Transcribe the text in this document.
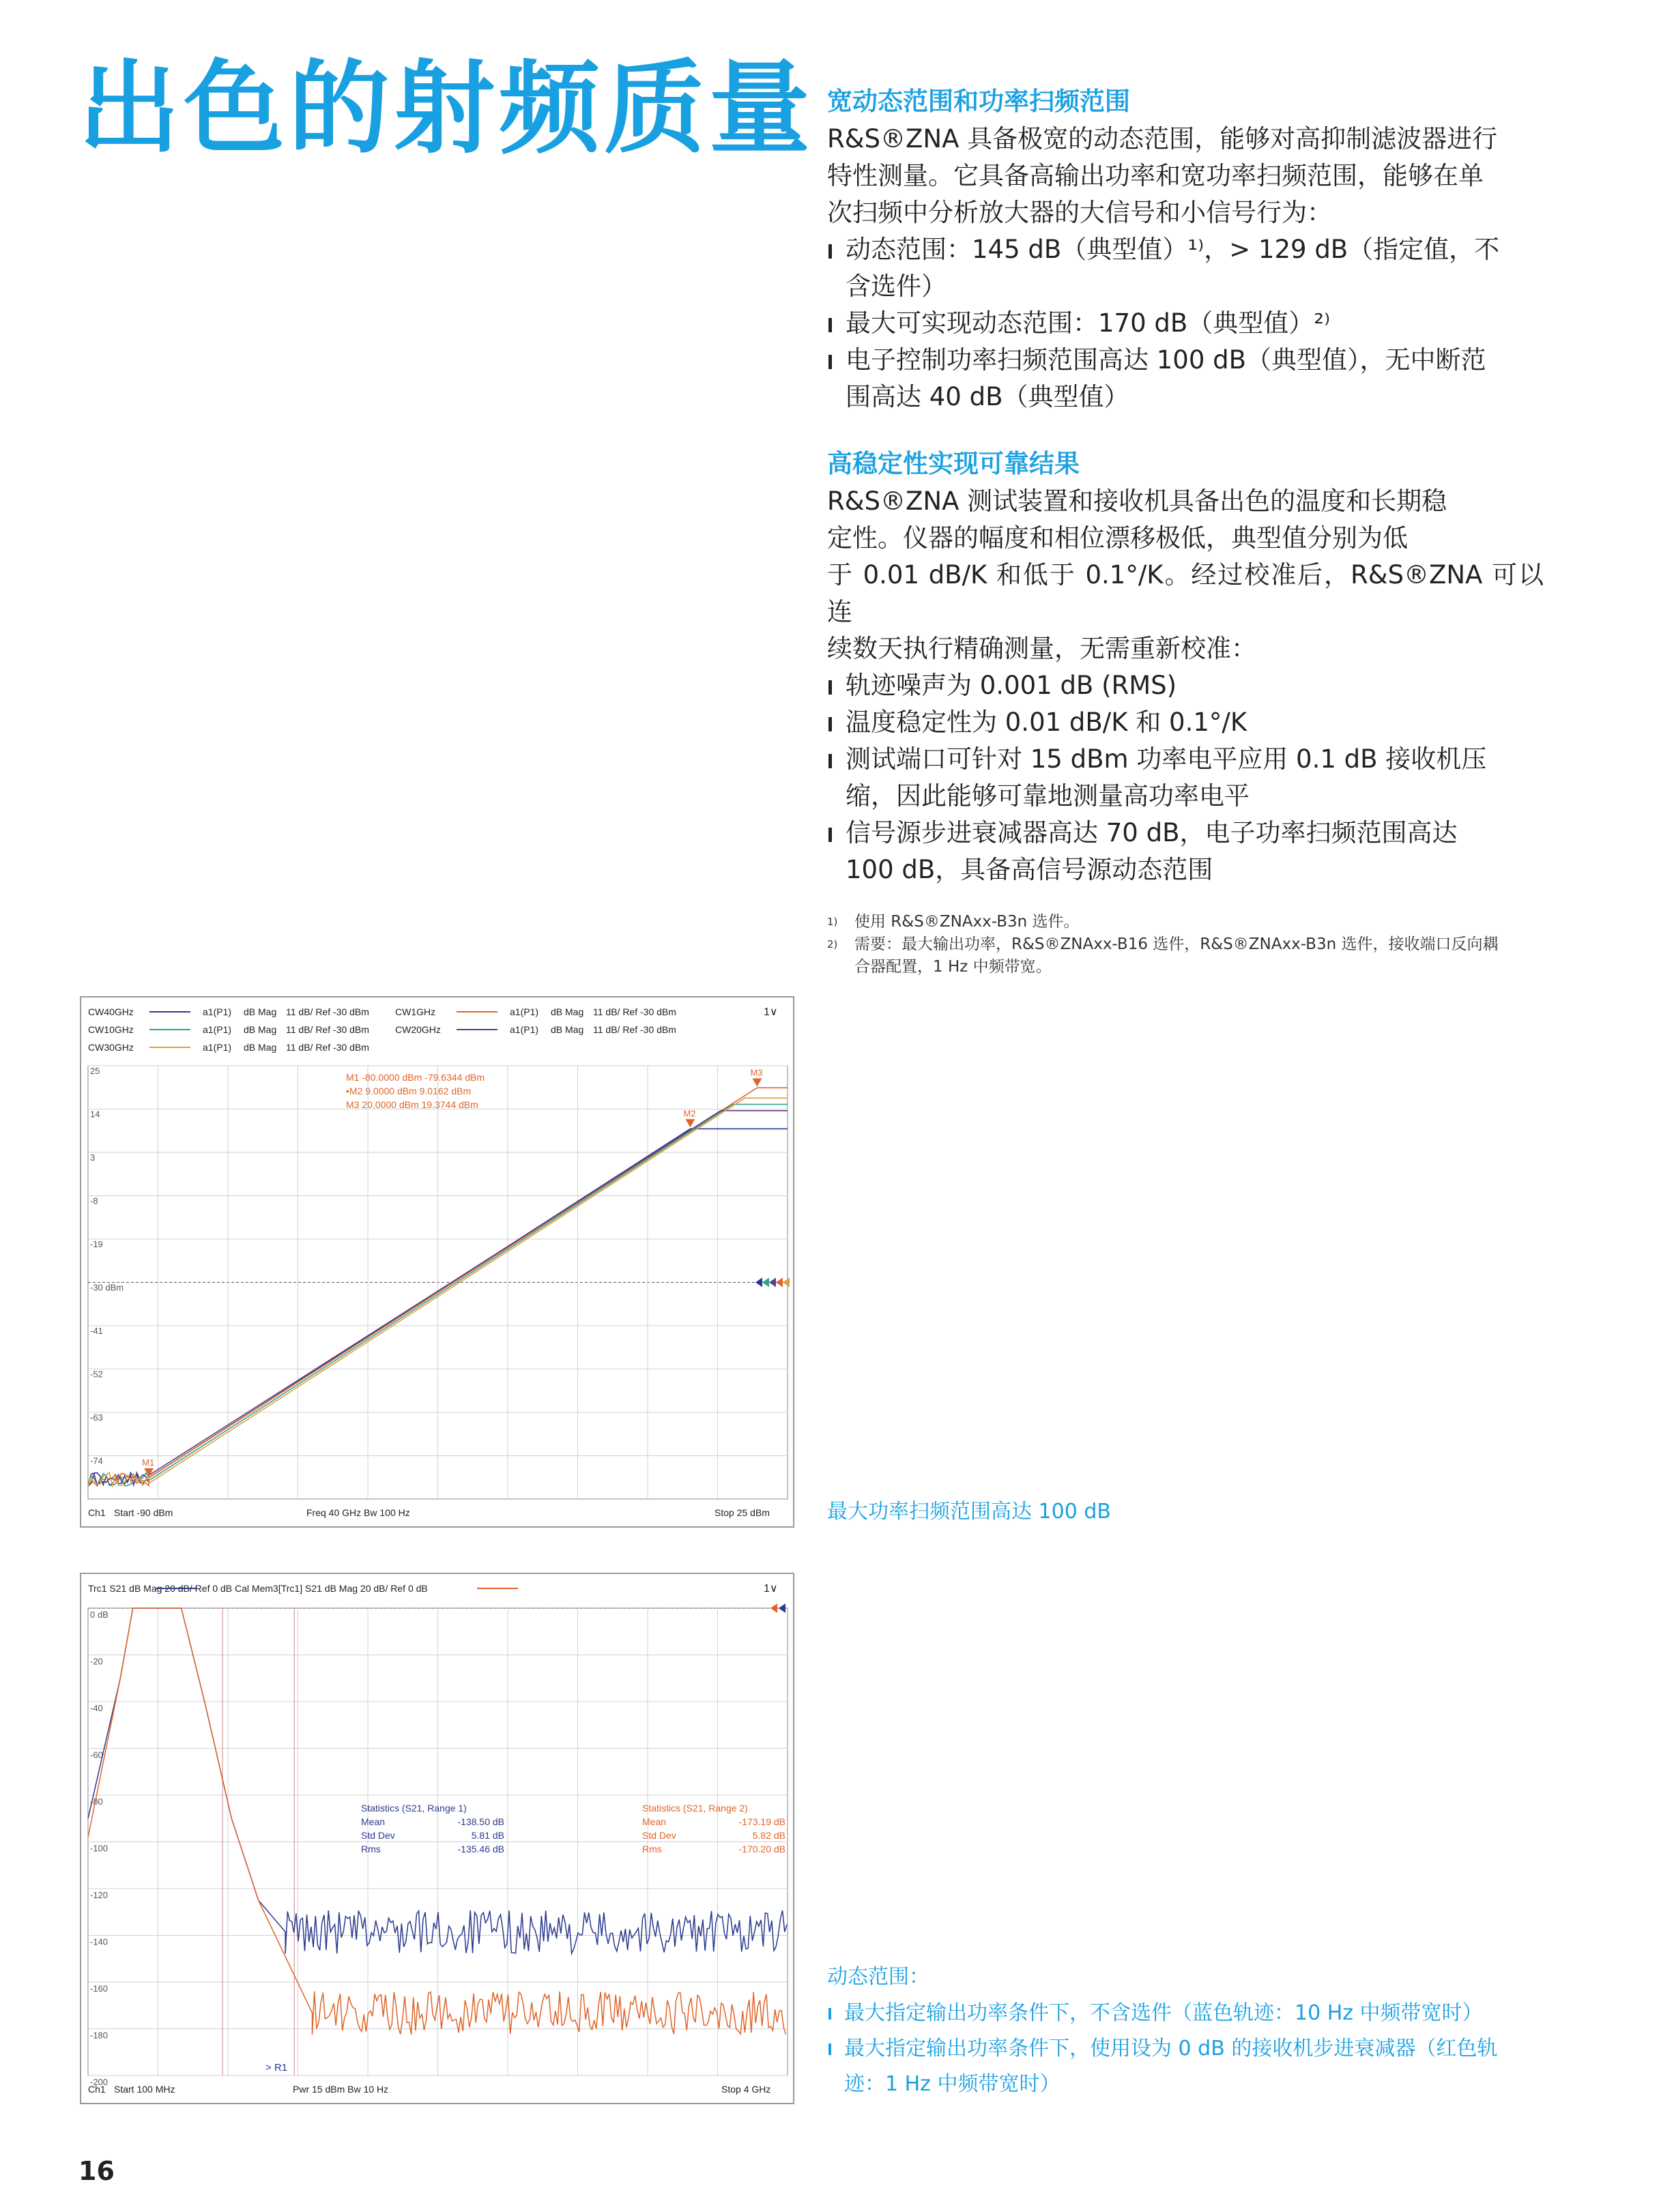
出色的射频质量 宽动态范围和功率扫频范围
R&S®ZNA 具备极宽的动态范围，能够对高抑制滤波器进行
特性测量。它具备高输出功率和宽功率扫频范围，能够在单
次扫频中分析放大器的大信号和小信号行为：
动态范围：145 dB（典型值）¹⁾，> 129 dB（指定值，不
含选件）
最大可实现动态范围：170 dB（典型值）²⁾
电子控制功率扫频范围高达 100 dB（典型值），无中断范
围高达 40 dB（典型值）
高稳定性实现可靠结果
R&S®ZNA 测试装置和接收机具备出色的温度和长期稳
定性。仪器的幅度和相位漂移极低，典型值分别为低
于 0.01 dB/K 和低于 0.1°/K。经过校准后，R&S®ZNA 可以连
续数天执行精确测量，无需重新校准：
轨迹噪声为 0.001 dB (RMS)
温度稳定性为 0.01 dB/K 和 0.1°/K
测试端口可针对 15 dBm 功率电平应用 0.1 dB 接收机压
缩，因此能够可靠地测量高功率电平
信号源步进衰减器高达 70 dB，电子功率扫频范围高达
100 dB，具备高信号源动态范围
1) 使用 R&S®ZNAxx-B3n 选件。
2) 需要：最大输出功率，R&S®ZNAxx-B16 选件，R&S®ZNAxx-B3n 选件，接收端口反向耦
合器配置，1 Hz 中频带宽。
CW40GHz	a1(P1) dB Mag 11 dB/ Ref -30 dBm	CW1GHz	a1(P1) dB Mag 11 dB/ Ref -30 dBm
CW10GHz	a1(P1) dB Mag 11 dB/ Ref -30 dBm	CW20GHz	a1(P1) dB Mag 11 dB/ Ref -30 dBm
CW30GHz	a1(P1) dB Mag 11 dB/ Ref -30 dBm
1∨
25
14
3
-8
-19
-30 dBm
-41
-52
-63
-74	M1
M2
M3
M1 -80.0000 dBm -79.6344 dBm
•M2 9.0000 dBm 9.0162 dBm
M3 20.0000 dBm 19.3744 dBm
Ch1 Start -90 dBm	Freq 40 GHz Bw 100 Hz	Stop 25 dBm	最大功率扫频范围高达 100 dB
Trc1 S21 dB Mag 20 dB/ Ref 0 dB Cal Mem3[Trc1] S21 dB Mag 20 dB/ Ref 0 dB	1∨
0 dB
-20
-40
-60
-80
-100
-120
-140
-160
-180
-200
Statistics (S21, Range 1)
Mean	-138.50 dB
Std Dev	5.81 dB
Rms	-135.46 dB
Statistics (S21, Range 2)
Mean	-173.19 dB
Std Dev	5.82 dB
Rms	-170.20 dB
> R1
Ch1 Start 100 MHz	Pwr 15 dBm Bw 10 Hz	Stop 4 GHz
动态范围：
最大指定输出功率条件下，不含选件（蓝色轨迹：10 Hz 中频带宽时）
最大指定输出功率条件下，使用设为 0 dB 的接收机步进衰减器（红色轨
迹：1 Hz 中频带宽时）
16
